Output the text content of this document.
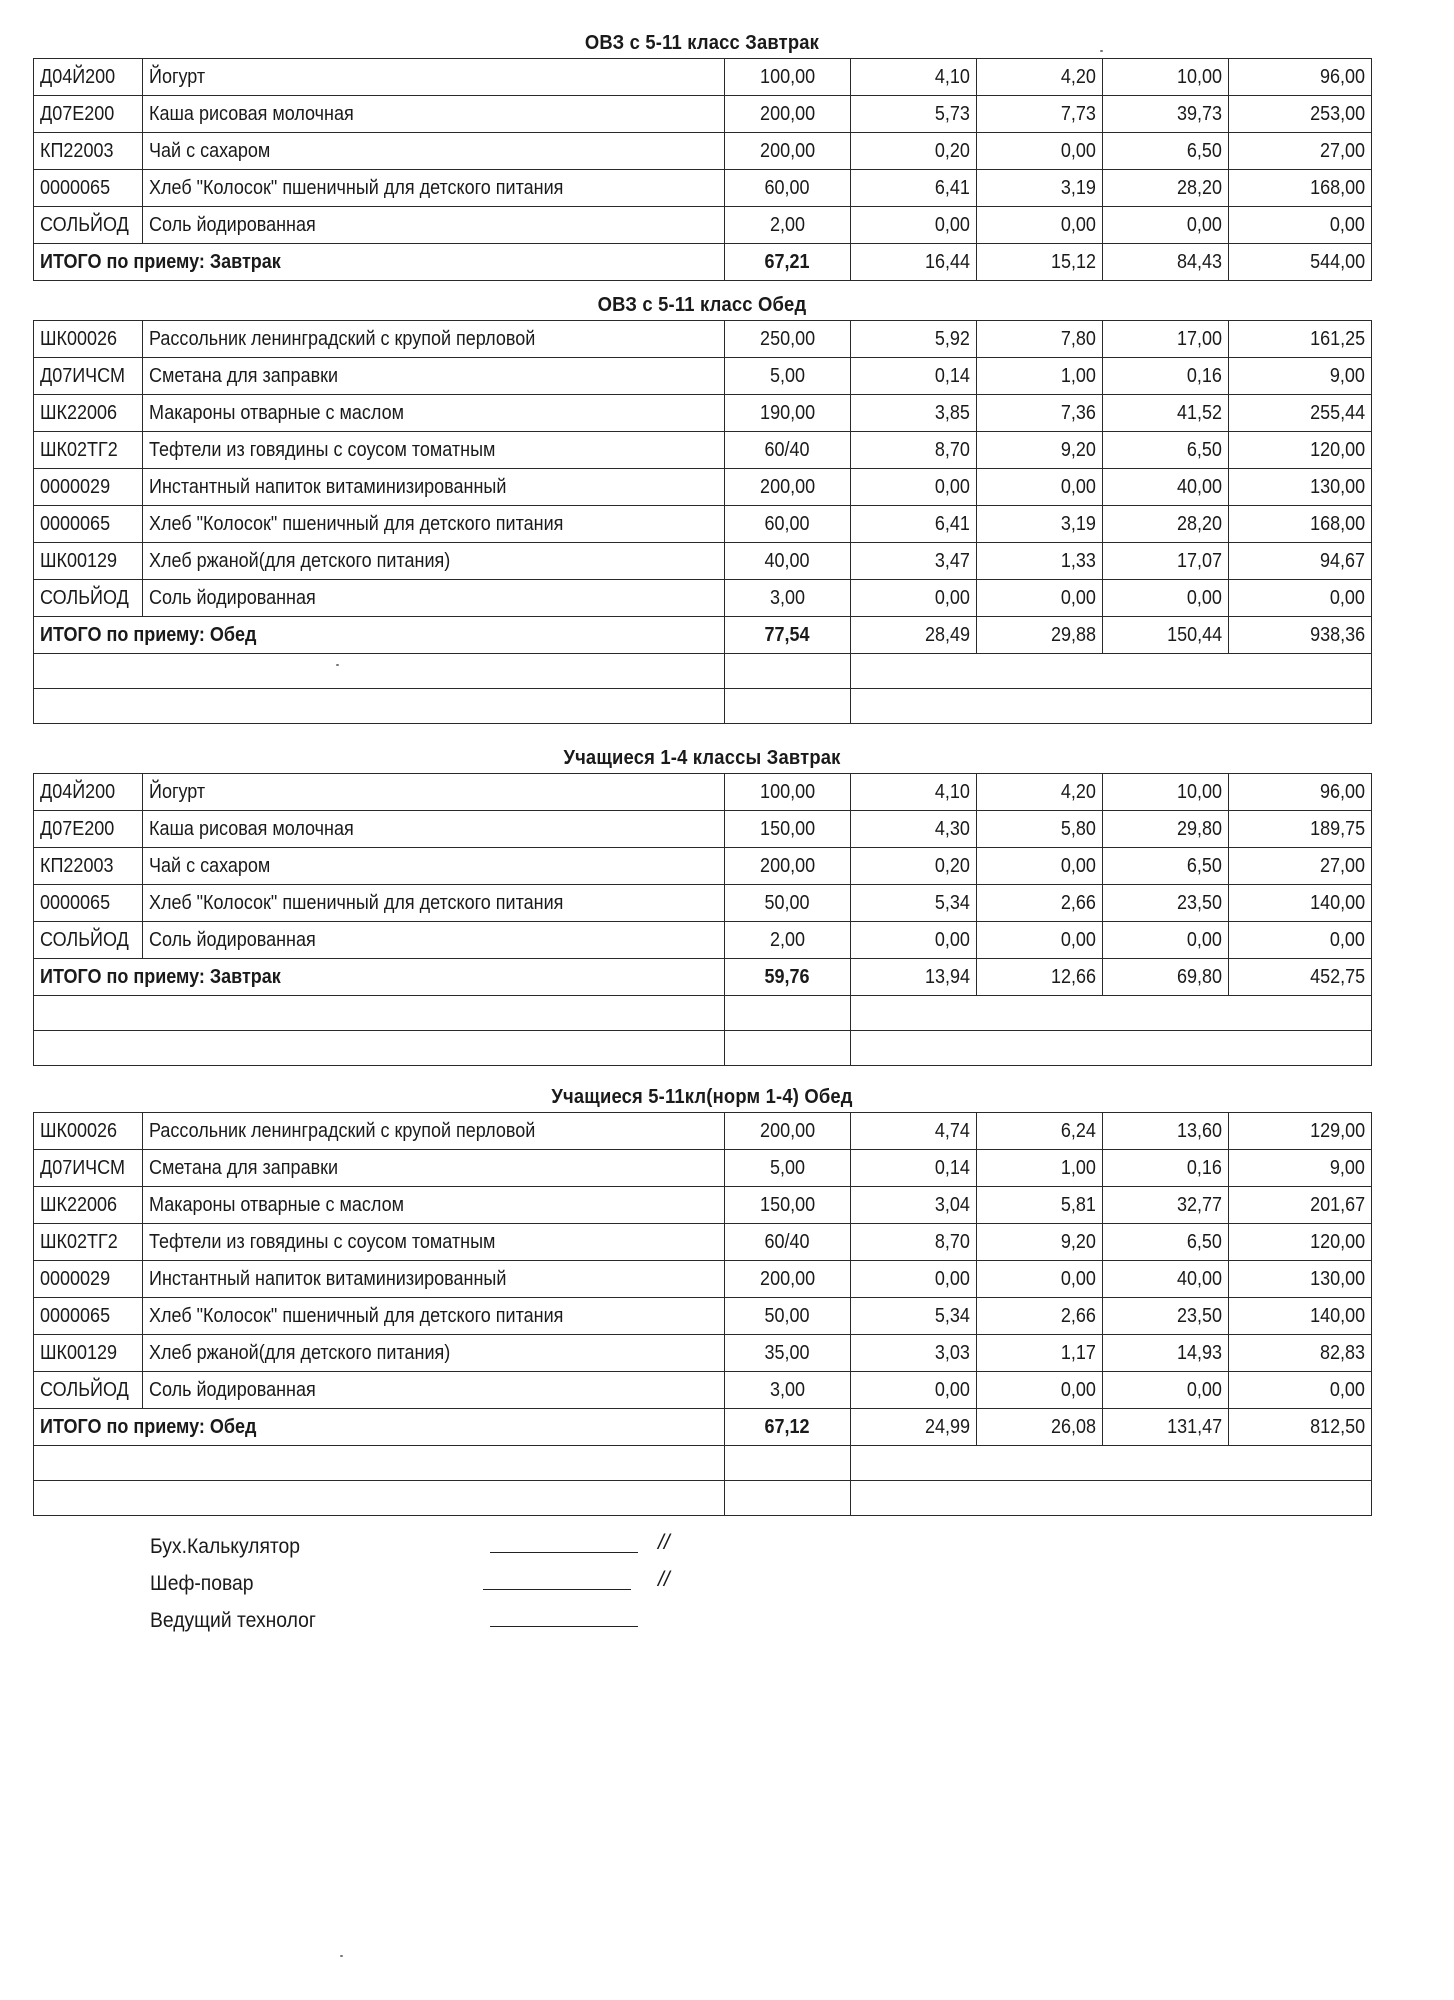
ОВЗ с 5-11 класс Завтрак
Д04Й200	Йогурт	100,00	4,10	4,20	10,00	96,00
Д07Е200	Каша рисовая молочная	200,00	5,73	7,73	39,73	253,00
КП22003	Чай с сахаром	200,00	0,20	0,00	6,50	27,00
0000065	Хлеб "Колосок" пшеничный для детского питания	60,00	6,41	3,19	28,20	168,00
СОЛЬЙОД	Соль йодированная	2,00	0,00	0,00	0,00	0,00
ИТОГО по приему: Завтрак		67,21	16,44	15,12	84,43	544,00
ОВЗ с 5-11 класс Обед
ШК00026	Рассольник ленинградский с крупой перловой	250,00	5,92	7,80	17,00	161,25
Д07ИЧСМ	Сметана для заправки	5,00	0,14	1,00	0,16	9,00
ШК22006	Макароны отварные с маслом	190,00	3,85	7,36	41,52	255,44
ШК02ТГ2	Тефтели из говядины с соусом томатным	60/40	8,70	9,20	6,50	120,00
0000029	Инстантный напиток витаминизированный	200,00	0,00	0,00	40,00	130,00
0000065	Хлеб "Колосок" пшеничный для детского питания	60,00	6,41	3,19	28,20	168,00
ШК00129	Хлеб ржаной(для детского питания)	40,00	3,47	1,33	17,07	94,67
СОЛЬЙОД	Соль йодированная	3,00	0,00	0,00	0,00	0,00
ИТОГО по приему: Обед		77,54	28,49	29,88	150,44	938,36

Учащиеся 1-4 классы Завтрак
Д04Й200	Йогурт	100,00	4,10	4,20	10,00	96,00
Д07Е200	Каша рисовая молочная	150,00	4,30	5,80	29,80	189,75
КП22003	Чай с сахаром	200,00	0,20	0,00	6,50	27,00
0000065	Хлеб "Колосок" пшеничный для детского питания	50,00	5,34	2,66	23,50	140,00
СОЛЬЙОД	Соль йодированная	2,00	0,00	0,00	0,00	0,00
ИТОГО по приему: Завтрак		59,76	13,94	12,66	69,80	452,75

Учащиеся 5-11кл(норм 1-4) Обед
ШК00026	Рассольник ленинградский с крупой перловой	200,00	4,74	6,24	13,60	129,00
Д07ИЧСМ	Сметана для заправки	5,00	0,14	1,00	0,16	9,00
ШК22006	Макароны отварные с маслом	150,00	3,04	5,81	32,77	201,67
ШК02ТГ2	Тефтели из говядины с соусом томатным	60/40	8,70	9,20	6,50	120,00
0000029	Инстантный напиток витаминизированный	200,00	0,00	0,00	40,00	130,00
0000065	Хлеб "Колосок" пшеничный для детского питания	50,00	5,34	2,66	23,50	140,00
ШК00129	Хлеб ржаной(для детского питания)	35,00	3,03	1,17	14,93	82,83
СОЛЬЙОД	Соль йодированная	3,00	0,00	0,00	0,00	0,00
ИТОГО по приему: Обед		67,12	24,99	26,08	131,47	812,50

Бух.Калькулятор	//
Шеф-повар	//
Ведущий технолог
